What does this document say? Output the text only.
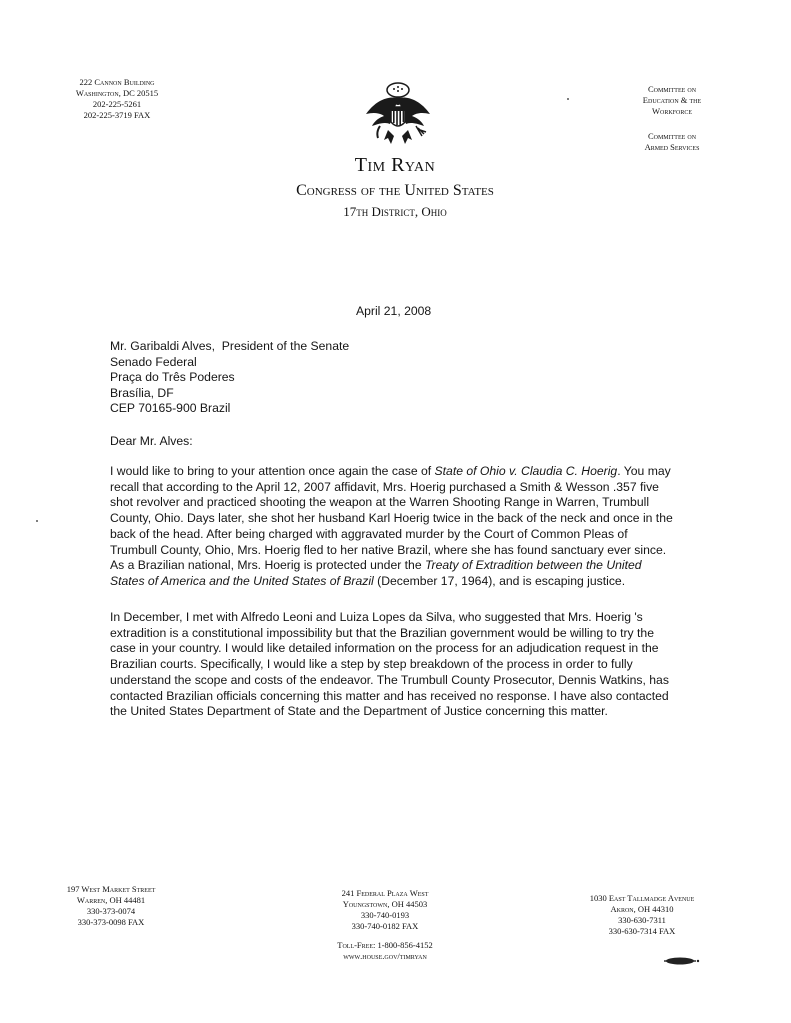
222 Cannon Building
Washington, DC 20515
202-225-5261
202-225-3719 FAX
Committee on
Education & the
Workforce
Committee on
Armed Services
Tim Ryan
Congress of the United States
17th District, Ohio
April 21, 2008
Mr. Garibaldi Alves,  President of the Senate
Senado Federal
Praça do Três Poderes
Brasília, DF
CEP 70165-900 Brazil
Dear Mr. Alves:
I would like to bring to your attention once again the case of State of Ohio v. Claudia C. Hoerig. You may
recall that according to the April 12, 2007 affidavit, Mrs. Hoerig purchased a Smith & Wesson .357 five
shot revolver and practiced shooting the weapon at the Warren Shooting Range in Warren, Trumbull
County, Ohio. Days later, she shot her husband Karl Hoerig twice in the back of the neck and once in the
back of the head. After being charged with aggravated murder by the Court of Common Pleas of
Trumbull County, Ohio, Mrs. Hoerig fled to her native Brazil, where she has found sanctuary ever since.
As a Brazilian national, Mrs. Hoerig is protected under the Treaty of Extradition between the United
States of America and the United States of Brazil (December 17, 1964), and is escaping justice.
In December, I met with Alfredo Leoni and Luiza Lopes da Silva, who suggested that Mrs. Hoerig 's
extradition is a constitutional impossibility but that the Brazilian government would be willing to try the
case in your country. I would like detailed information on the process for an adjudication request in the
Brazilian courts. Specifically, I would like a step by step breakdown of the process in order to fully
understand the scope and costs of the endeavor. The Trumbull County Prosecutor, Dennis Watkins, has
contacted Brazilian officials concerning this matter and has received no response. I have also contacted
the United States Department of State and the Department of Justice concerning this matter.
197 West Market Street
Warren, OH 44481
330-373-0074
330-373-0098 FAX
241 Federal Plaza West
Youngstown, OH 44503
330-740-0193
330-740-0182 FAX
1030 East Tallmadge Avenue
Akron, OH 44310
330-630-7311
330-630-7314 FAX
Toll-Free: 1-800-856-4152
www.house.gov/timryan
